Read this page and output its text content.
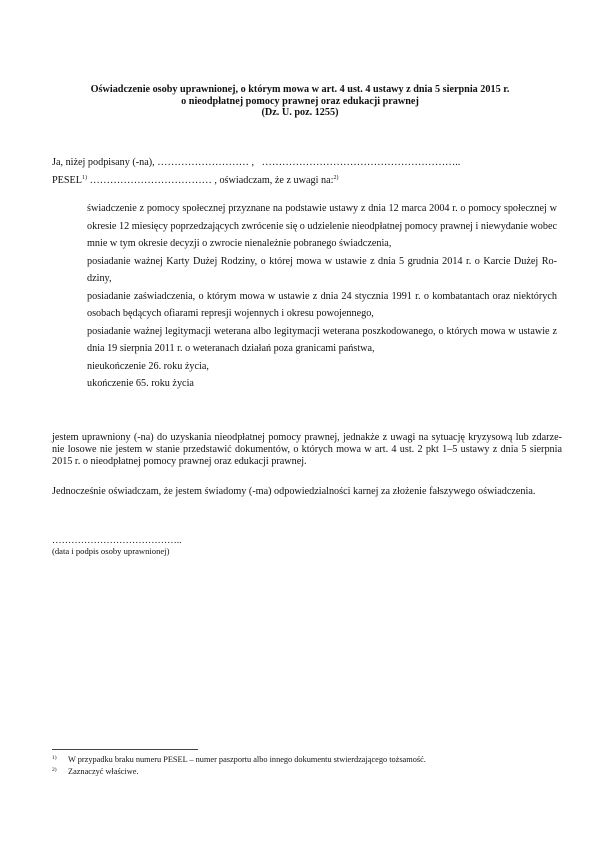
Oświadczenie osoby uprawnionej, o którym mowa w art. 4 ust. 4 ustawy z dnia 5 sierpnia 2015 r.
o nieodpłatnej pomocy prawnej oraz edukacji prawnej
(Dz. U. poz. 1255)
Ja, niżej podpisany (-na), ……………………… , …………………………………………………..
PESEL$^{1)}$ ……………………………… , oświadczam, że z uwagi na:$^{2)}$
świadczenie z pomocy społecznej przyznane na podstawie ustawy z dnia 12 marca 2004 r. o pomocy społecznej w okresie 12 miesięcy poprzedzających zwrócenie się o udzielenie nieodpłatnej pomocy prawnej i niewydanie wobec mnie w tym okresie decyzji o zwrocie nienależnie pobranego świadczenia,
posiadanie ważnej Karty Dużej Rodziny, o której mowa w ustawie z dnia 5 grudnia 2014 r. o Karcie Dużej Ro-dziny,
posiadanie zaświadczenia, o którym mowa w ustawie z dnia 24 stycznia 1991 r. o kombatantach oraz niektórych osobach będących ofiarami represji wojennych i okresu powojennego,
posiadanie ważnej legitymacji weterana albo legitymacji weterana poszkodowanego, o których mowa w ustawie z dnia 19 sierpnia 2011 r. o weteranach działań poza granicami państwa,
nieukończenie 26. roku życia,
ukończenie 65. roku życia
jestem uprawniony (-na) do uzyskania nieodpłatnej pomocy prawnej, jednakże z uwagi na sytuację kryzysową lub zdarze-nie losowe nie jestem w stanie przedstawić dokumentów, o których mowa w art. 4 ust. 2 pkt 1–5 ustawy z dnia 5 sierpnia 2015 r. o nieodpłatnej pomocy prawnej oraz edukacji prawnej.
Jednocześnie oświadczam, że jestem świadomy (-ma) odpowiedzialności karnej za złożenie fałszywego oświadczenia.
…………………………………..
(data i podpis osoby uprawnionej)
1) W przypadku braku numeru PESEL – numer paszportu albo innego dokumentu stwierdzającego tożsamość.
2) Zaznaczyć właściwe.
